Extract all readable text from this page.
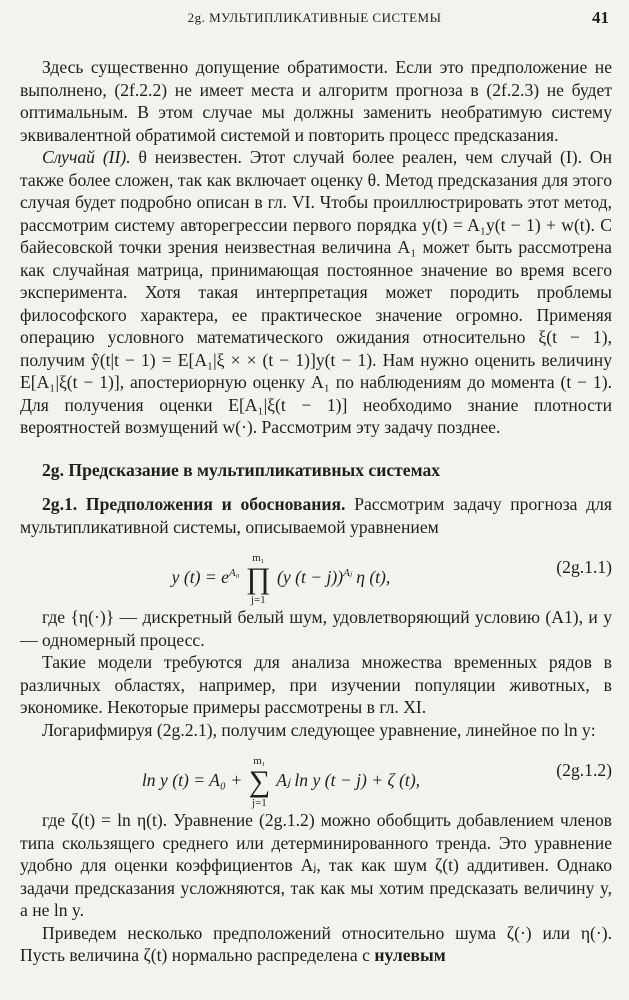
2g. МУЛЬТИПЛИКАТИВНЫЕ СИСТЕМЫ	41

Здесь существенно допущение обратимости. Если это предположение не выполнено, (2f.2.2) не имеет места и алгоритм прогноза в (2f.2.3) не будет оптимальным. В этом случае мы должны заменить необратимую систему эквивалентной обратимой системой и повторить процесс предсказания.

Случай (II). θ неизвестен. Этот случай более реален, чем случай (I). Он также более сложен, так как включает оценку θ. Метод предсказания для этого случая будет подробно описан в гл. VI. Чтобы проиллюстрировать этот метод, рассмотрим систему авторегрессии первого порядка y(t) = A₁y(t − 1) + w(t). С байесовской точки зрения неизвестная величина A₁ может быть рассмотрена как случайная матрица, принимающая постоянное значение во время всего эксперимента. Хотя такая интерпретация может породить проблемы философского характера, ее практическое значение огромно. Применяя операцию условного математического ожидания относительно ξ(t − 1), получим ŷ(t|t − 1) = E[A₁|ξ × × (t − 1)]y(t − 1). Нам нужно оценить величину E[A₁|ξ(t − 1)], апостериорную оценку A₁ по наблюдениям до момента (t − 1). Для получения оценки E[A₁|ξ(t − 1)] необходимо знание плотности вероятностей возмущений w(·). Рассмотрим эту задачу позднее.

2g. Предсказание в мультипликативных системах

2g.1. Предположения и обоснования. Рассмотрим задачу прогноза для мультипликативной системы, описываемой уравнением

y $(t) = e^{A_0}$
m₁
∏
j=1
(y (t − j))$^{Aⱼ}$ η (t),
(2g.1.1)

где {η(·)} — дискретный белый шум, удовлетворяющий условию (A1), и y — одномерный процесс.

Такие модели требуются для анализа множества временных рядов в различных областях, например, при изучении популяции животных, в экономике. Некоторые примеры рассмотрены в гл. XI.

Логарифмируя (2g.2.1), получим следующее уравнение, линейное по ln y:

ln y (t) = A₀ +
m₁
∑
j=1
Aⱼ ln y (t − j) + ζ (t),
(2g.1.2)

где ζ(t) = ln η(t). Уравнение (2g.1.2) можно обобщить добавлением членов типа скользящего среднего или детерминированного тренда. Это уравнение удобно для оценки коэффициентов Aⱼ, так как шум ζ(t) аддитивен. Однако задачи предсказания усложняются, так как мы хотим предсказать величину y, а не ln y.

Приведем несколько предположений относительно шума ζ(·) или η(·). Пусть величина ζ(t) нормально распределена с нулевым
